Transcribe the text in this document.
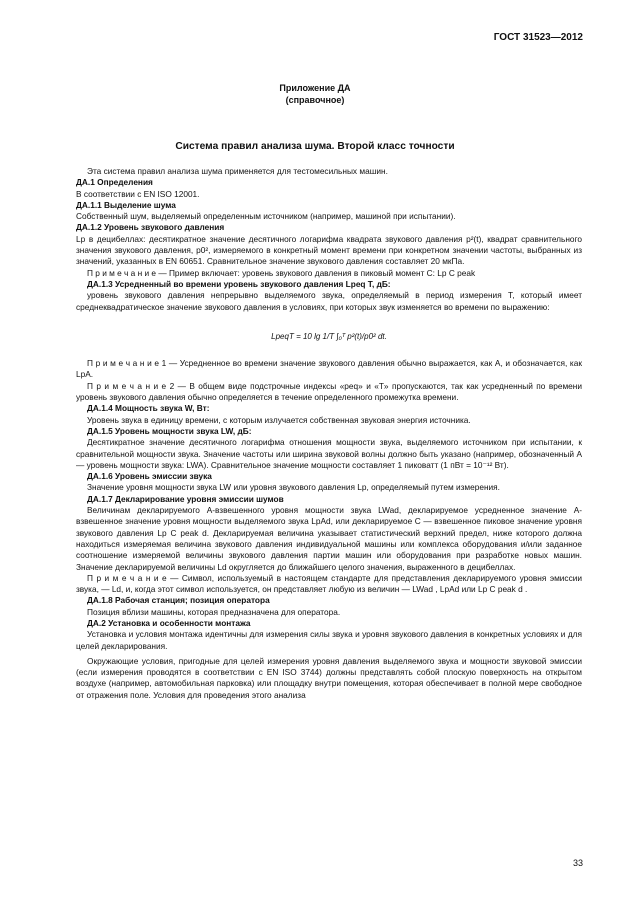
ГОСТ 31523—2012
Приложение ДА
(справочное)
Система правил анализа шума. Второй класс точности

Эта система правил анализа шума применяется для тестомесильных машин.

ДА.1 Определения

В соответствии с EN ISO 12001.

ДА.1.1 Выделение шума

Собственный шум, выделяемый определенным источником (например, машиной при испытании).

ДА.1.2 Уровень звукового давления

Lp в децибеллах: десятикратное значение десятичного логарифма квадрата звукового давления p²(t), квадрат сравнительного значения звукового давления, p0², измеряемого в конкретный момент времени при конкретном значении частоты, выбранных из значений, указанных в EN 60651. Сравнительное значение звукового давления составляет 20 мкПа.

П р и м е ч а н и е — Пример включает: уровень звукового давления в пиковый момент С: Lp C peak

ДА.1.3 Усредненный во времени уровень звукового давления Lpeq T, дБ:

уровень звукового давления непрерывно выделяемого звука, определяемый в период измерения T, который имеет среднеквадратическое значение звукового давления в условиях, при которых звук изменяется во времени по выражению:

LpeqT = 10 lg 1/T ∫₀ᵀ p²(t)/p0² dt.

П р и м е ч а н и е 1 — Усредненное во времени значение звукового давления обычно выражается, как A, и обозначается, как LpA.

П р и м е ч а н и е 2 — В общем виде подстрочные индексы «peq» и «T» пропускаются, так как усредненный по времени уровень звукового давления обычно определяется в течение определенного промежутка времени.

ДА.1.4 Мощность звука W, Вт:

Уровень звука в единицу времени, с которым излучается собственная звуковая энергия источника.

ДА.1.5 Уровень мощности звука LW, дБ:

Десятикратное значение десятичного логарифма отношения мощности звука, выделяемого источником при испытании, к сравнительной мощности звука. Значение частоты или ширина звуковой волны должно быть указано (например, обозначенный A — уровень мощности звука: LWA). Сравнительное значение мощности составляет 1 пиковатт (1 пВт = 10⁻¹² Вт).

ДА.1.6 Уровень эмиссии звука

Значение уровня мощности звука LW или уровня звукового давления Lp, определяемый путем измерения.

ДА.1.7 Декларирование уровня эмиссии шумов

Величинам декларируемого A-взвешенного уровня мощности звука LWad, декларируемое усредненное значение A-взвешенное значение уровня мощности выделяемого звука LpAd, или декларируемое С — взвешенное пиковое значение уровня звукового давления Lp C peak d. Декларируемая величина указывает статистический верхний предел, ниже которого должна находиться измеряемая величина звукового давления индивидуальной машины или комплекса оборудования и/или заданное соотношение измеряемой величины звукового давления партии машин или оборудования при разработке новых машин. Значение декларируемой величины Ld округляется до ближайшего целого значения, выраженного в децибеллах.

П р и м е ч а н и е — Символ, используемый в настоящем стандарте для представления декларируемого уровня эмиссии звука, — Ld, и, когда этот символ используется, он представляет любую из величин — LWad , LpAd или Lp C peak d .

ДА.1.8 Рабочая станция; позиция оператора

Позиция вблизи машины, которая предназначена для оператора.

ДА.2 Установка и особенности монтажа

Установка и условия монтажа идентичны для измерения силы звука и уровня звукового давления в конкретных условиях и для целей декларирования.

Окружающие условия, пригодные для целей измерения уровня давления выделяемого звука и мощности звуковой эмиссии (если измерения проводятся в соответствии с EN ISO 3744) должны представлять собой плоскую поверхность на открытом воздухе (например, автомобильная парковка) или площадку внутри помещения, которая обеспечивает в полной мере свободное от отражения поле. Условия для проведения этого анализа

33
